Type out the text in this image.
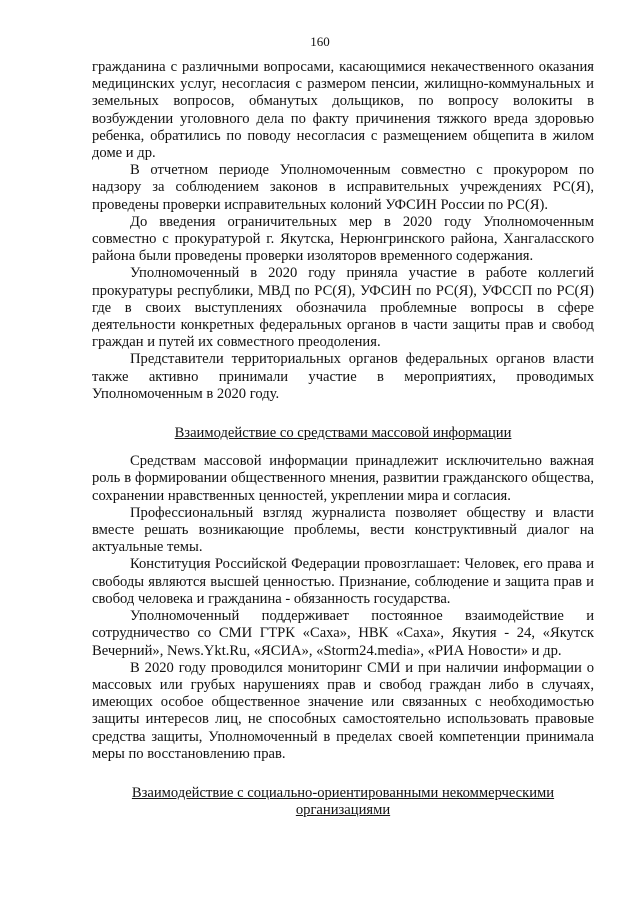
160

гражданина с различными вопросами, касающимися некачественного оказания медицинских услуг, несогласия с размером пенсии, жилищно-коммунальных и земельных вопросов, обманутых дольщиков, по вопросу волокиты в возбуждении уголовного дела по факту причинения тяжкого вреда здоровью ребенка, обратились по поводу несогласия с размещением общепита в жилом доме и др.

В отчетном периоде Уполномоченным совместно с прокурором по надзору за соблюдением законов в исправительных учреждениях РС(Я), проведены проверки исправительных колоний УФСИН России по РС(Я).

До введения ограничительных мер в 2020 году Уполномоченным совместно с прокуратурой г. Якутска, Нерюнгринского района, Хангаласского района были проведены проверки изоляторов временного содержания.

Уполномоченный в 2020 году приняла участие в работе коллегий прокуратуры республики, МВД по РС(Я), УФСИН по РС(Я), УФССП по РС(Я) где в своих выступлениях обозначила проблемные вопросы в сфере деятельности конкретных федеральных органов в части защиты прав и свобод граждан и путей их совместного преодоления.

Представители территориальных органов федеральных органов власти также активно принимали участие в мероприятиях, проводимых Уполномоченным в 2020 году.

Взаимодействие со средствами массовой информации

Средствам массовой информации принадлежит исключительно важная роль в формировании общественного мнения, развитии гражданского общества, сохранении нравственных ценностей, укреплении мира и согласия.

Профессиональный взгляд журналиста позволяет обществу и власти вместе решать возникающие проблемы, вести конструктивный диалог на актуальные темы.

Конституция Российской Федерации провозглашает: Человек, его права и свободы являются высшей ценностью. Признание, соблюдение и защита прав и свобод человека и гражданина - обязанность государства.

Уполномоченный поддерживает постоянное взаимодействие и сотрудничество со СМИ ГТРК «Саха», НВК «Саха», Якутия - 24, «Якутск Вечерний», News.Ykt.Ru, «ЯСИА», «Storm24.media», «РИА Новости» и др.

В 2020 году проводился мониторинг СМИ и при наличии информации о массовых или грубых нарушениях прав и свобод граждан либо в случаях, имеющих особое общественное значение или связанных с необходимостью защиты интересов лиц, не способных самостоятельно использовать правовые средства защиты, Уполномоченный в пределах своей компетенции принимала меры по восстановлению прав.

Взаимодействие с социально-ориентированными некоммерческими
организациями
